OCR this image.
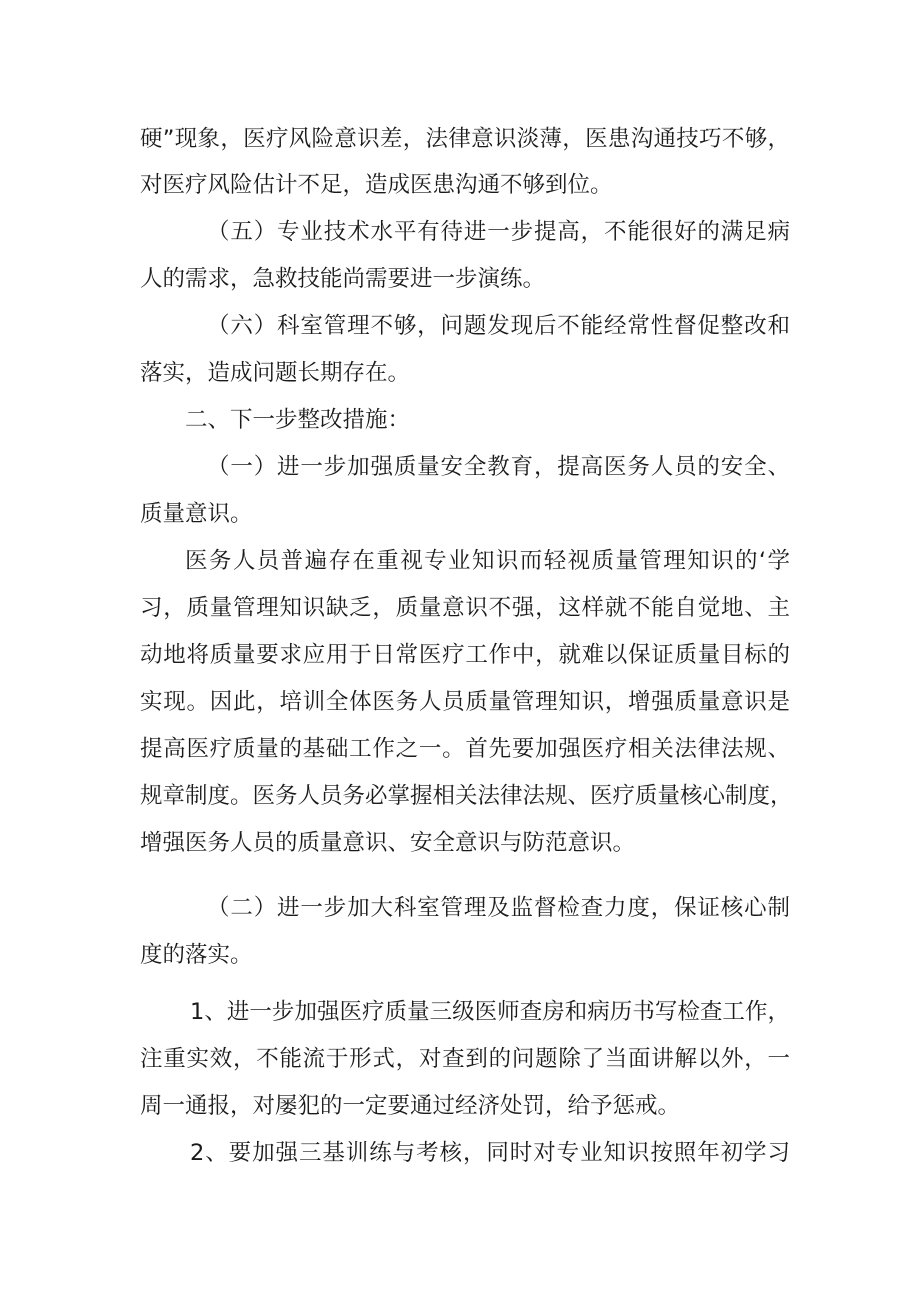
硬”现象，医疗风险意识差，法律意识淡薄，医患沟通技巧不够，
对医疗风险估计不足，造成医患沟通不够到位。
（五）专业技术水平有待进一步提高，不能很好的满足病
人的需求，急救技能尚需要进一步演练。
（六）科室管理不够，问题发现后不能经常性督促整改和
落实，造成问题长期存在。
二、下一步整改措施：
（一）进一步加强质量安全教育，提高医务人员的安全、
质量意识。
医务人员普遍存在重视专业知识而轻视质量管理知识的‘学
习，质量管理知识缺乏，质量意识不强，这样就不能自觉地、主
动地将质量要求应用于日常医疗工作中，就难以保证质量目标的
实现。因此，培训全体医务人员质量管理知识，增强质量意识是
提高医疗质量的基础工作之一。首先要加强医疗相关法律法规、
规章制度。医务人员务必掌握相关法律法规、医疗质量核心制度，
增强医务人员的质量意识、安全意识与防范意识。
（二）进一步加大科室管理及监督检查力度，保证核心制
度的落实。
1、进一步加强医疗质量三级医师查房和病历书写检查工作，
注重实效，不能流于形式，对查到的问题除了当面讲解以外，一
周一通报，对屡犯的一定要通过经济处罚，给予惩戒。
2、要加强三基训练与考核，同时对专业知识按照年初学习
